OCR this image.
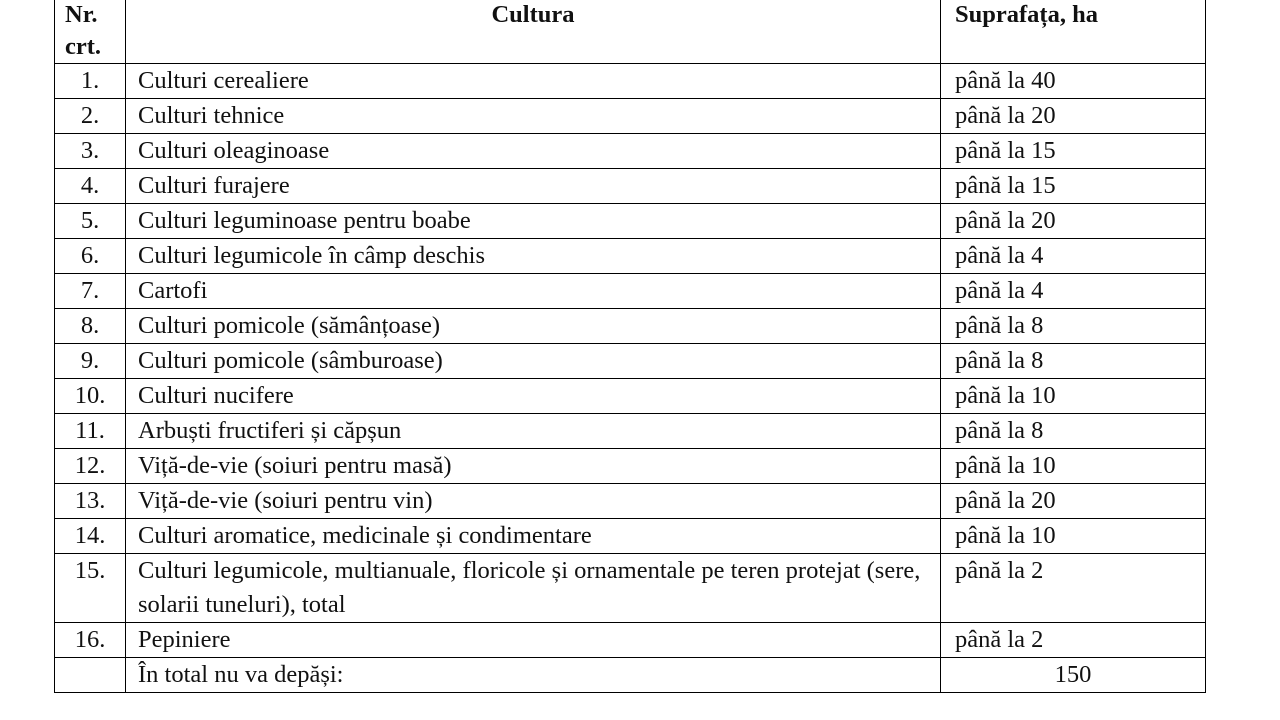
Nr.
crt.	Cultura	Suprafața, ha
1.	Culturi cerealiere	până la 40
2.	Culturi tehnice	până la 20
3.	Culturi oleaginoase	până la 15
4.	Culturi furajere	până la 15
5.	Culturi leguminoase pentru boabe	până la 20
6.	Culturi legumicole în câmp deschis	până la 4
7.	Cartofi	până la 4
8.	Culturi pomicole (sămânțoase)	până la 8
9.	Culturi pomicole (sâmburoase)	până la 8
10.	Culturi nucifere	până la 10
11.	Arbuști fructiferi și căpșun	până la 8
12.	Viță-de-vie (soiuri pentru masă)	până la 10
13.	Viță-de-vie (soiuri pentru vin)	până la 20
14.	Culturi aromatice, medicinale și condimentare	până la 10
15.	Culturi legumicole, multianuale, floricole și ornamentale pe teren protejat (sere, solarii tuneluri), total	până la 2
16.	Pepiniere	până la 2
	În total nu va depăși:	150
